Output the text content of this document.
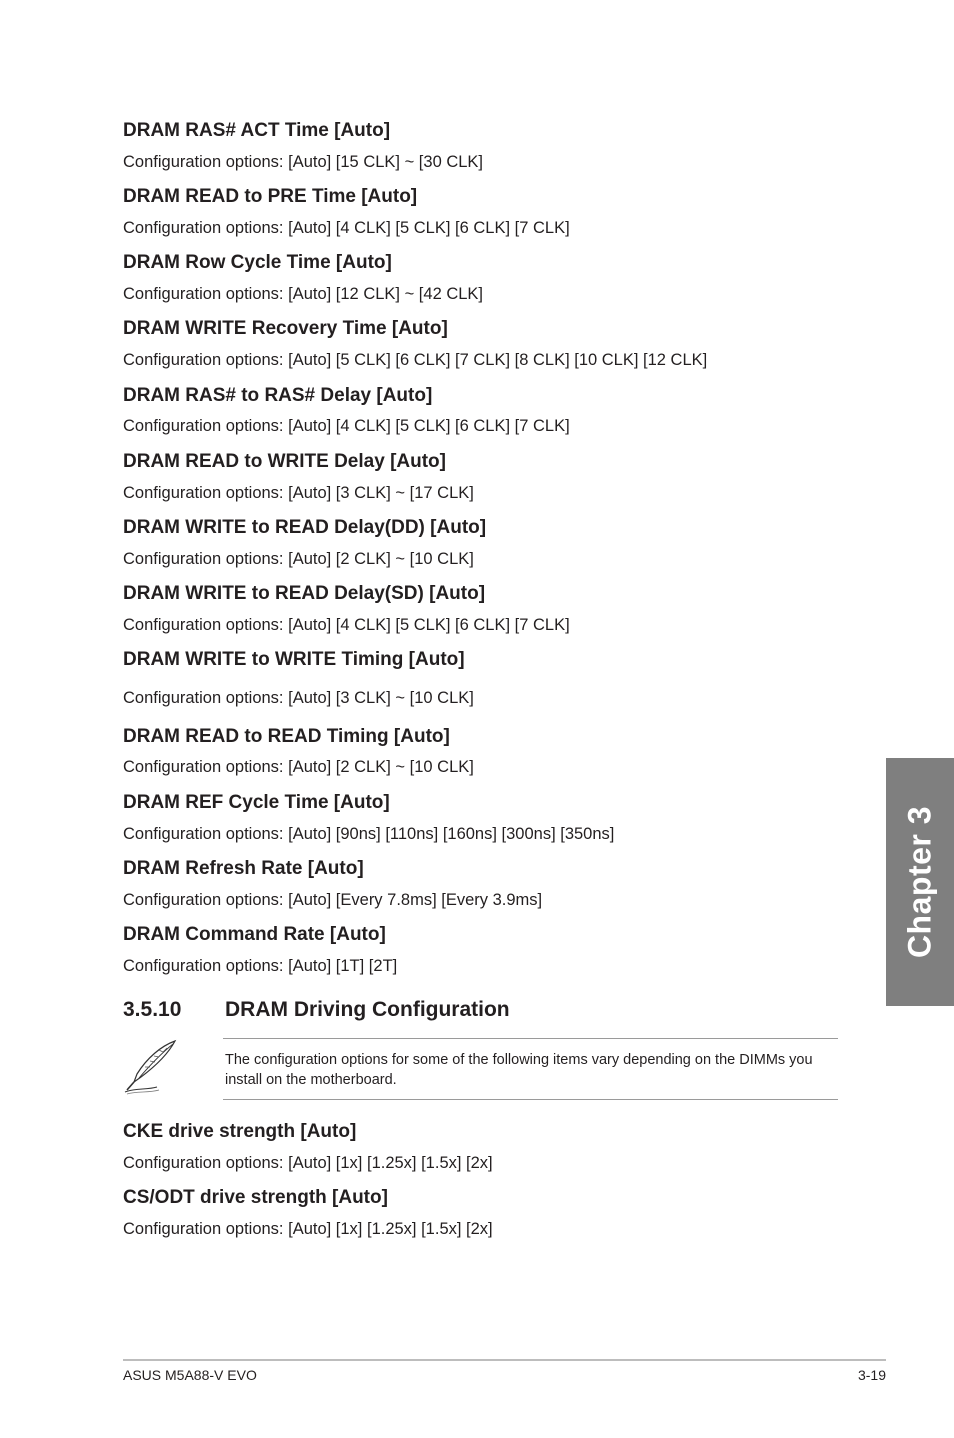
DRAM RAS# ACT Time [Auto]
Configuration options: [Auto] [15 CLK] ~ [30 CLK]
DRAM READ to PRE Time [Auto]
Configuration options: [Auto] [4 CLK] [5 CLK] [6 CLK] [7 CLK]
DRAM Row Cycle Time [Auto]
Configuration options: [Auto] [12 CLK] ~ [42 CLK]
DRAM WRITE Recovery Time [Auto]
Configuration options: [Auto] [5 CLK] [6 CLK] [7 CLK] [8 CLK] [10 CLK] [12 CLK]
DRAM RAS# to RAS# Delay [Auto]
Configuration options: [Auto] [4 CLK] [5 CLK] [6 CLK] [7 CLK]
DRAM READ to WRITE Delay [Auto]
Configuration options: [Auto] [3 CLK] ~ [17 CLK]
DRAM WRITE to READ Delay(DD) [Auto]
Configuration options: [Auto] [2 CLK] ~ [10 CLK]
DRAM WRITE to READ Delay(SD) [Auto]
Configuration options: [Auto] [4 CLK] [5 CLK] [6 CLK] [7 CLK]
DRAM WRITE to WRITE Timing [Auto]
Configuration options: [Auto] [3 CLK] ~ [10 CLK]
DRAM READ to READ Timing [Auto]
Configuration options: [Auto] [2 CLK] ~ [10 CLK]
DRAM REF Cycle Time [Auto]
Configuration options: [Auto] [90ns] [110ns] [160ns] [300ns] [350ns]
DRAM Refresh Rate [Auto]
Configuration options: [Auto] [Every 7.8ms] [Every 3.9ms]
DRAM Command Rate [Auto]
Configuration options: [Auto] [1T] [2T]
3.5.10 DRAM Driving Configuration
The configuration options for some of the following items vary depending on the DIMMs you install on the motherboard.
CKE drive strength [Auto]
Configuration options: [Auto] [1x] [1.25x] [1.5x] [2x]
CS/ODT drive strength [Auto]
Configuration options: [Auto] [1x] [1.25x] [1.5x] [2x]
Chapter 3
ASUS M5A88-V EVO	3-19
